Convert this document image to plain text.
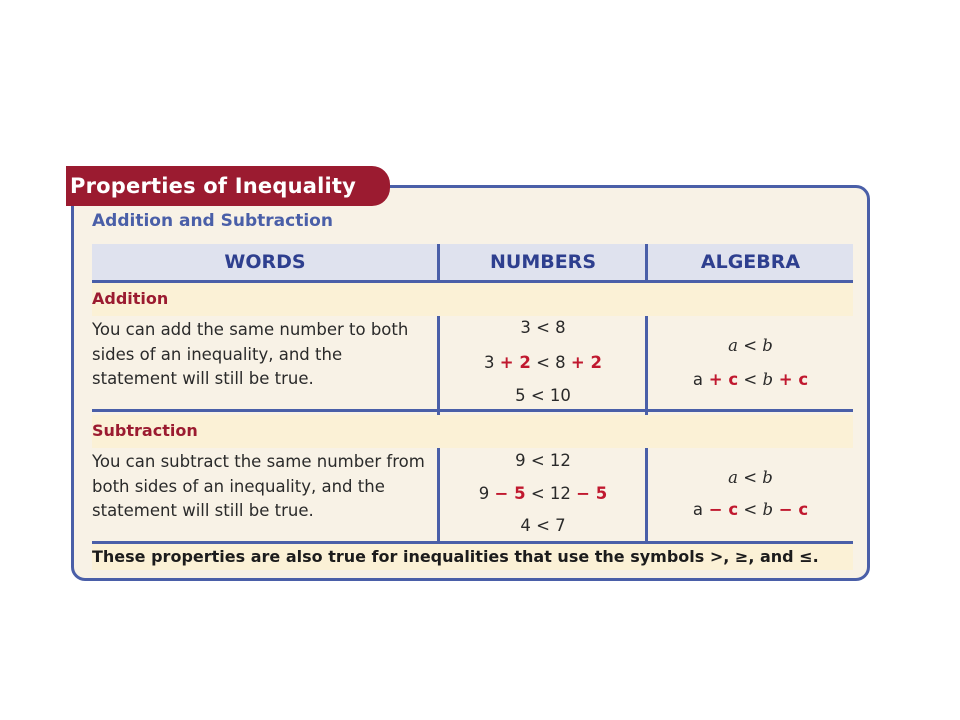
Properties of Inequality
Addition and Subtraction
WORDS	NUMBERS	ALGEBRA
Addition
You can add the same number to both sides of an inequality, and the statement will still be true.
3 < 8
3 + 2 < 8 + 2
5 < 10
a < b
a + c < b + c
Subtraction
You can subtract the same number from both sides of an inequality, and the statement will still be true.
9 < 12
9 − 5 < 12 − 5
4 < 7
a < b
a − c < b − c
These properties are also true for inequalities that use the symbols >, ≥, and ≤.
